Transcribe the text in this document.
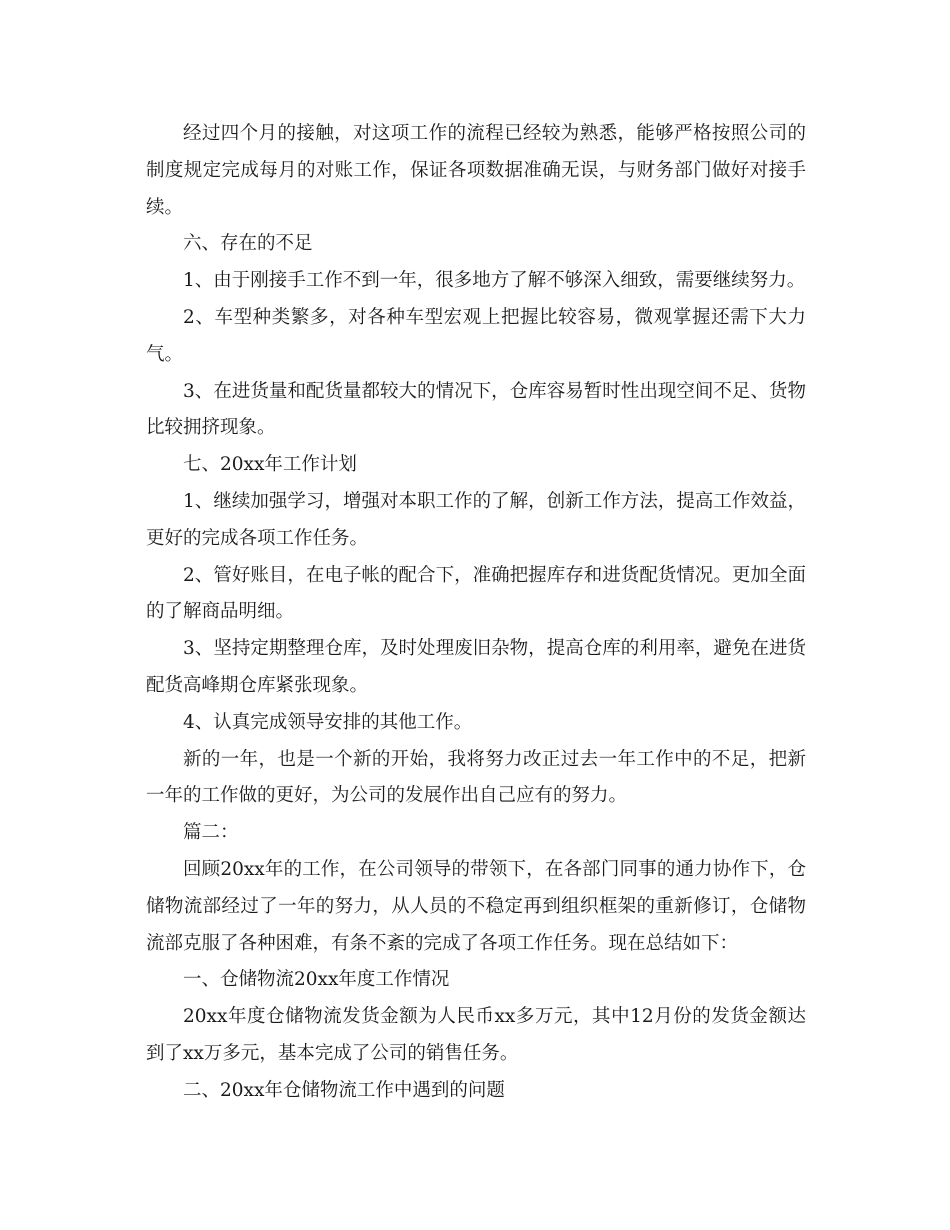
经过四个月的接触，对这项工作的流程已经较为熟悉，能够严格按照公司的制度规定完成每月的对账工作，保证各项数据准确无误，与财务部门做好对接手续。

六、存在的不足

1、由于刚接手工作不到一年，很多地方了解不够深入细致，需要继续努力。

2、车型种类繁多，对各种车型宏观上把握比较容易，微观掌握还需下大力气。

3、在进货量和配货量都较大的情况下，仓库容易暂时性出现空间不足、货物比较拥挤现象。

七、20xx年工作计划

1、继续加强学习，增强对本职工作的了解，创新工作方法，提高工作效益，更好的完成各项工作任务。

2、管好账目，在电子帐的配合下，准确把握库存和进货配货情况。更加全面的了解商品明细。

3、坚持定期整理仓库，及时处理废旧杂物，提高仓库的利用率，避免在进货配货高峰期仓库紧张现象。

4、认真完成领导安排的其他工作。

新的一年，也是一个新的开始，我将努力改正过去一年工作中的不足，把新一年的工作做的更好，为公司的发展作出自己应有的努力。

篇二：

回顾20xx年的工作，在公司领导的带领下，在各部门同事的通力协作下，仓储物流部经过了一年的努力，从人员的不稳定再到组织框架的重新修订，仓储物流部克服了各种困难，有条不紊的完成了各项工作任务。现在总结如下：

一、仓储物流20xx年度工作情况

20xx年度仓储物流发货金额为人民币xx多万元，其中12月份的发货金额达到了xx万多元，基本完成了公司的销售任务。

二、20xx年仓储物流工作中遇到的问题
